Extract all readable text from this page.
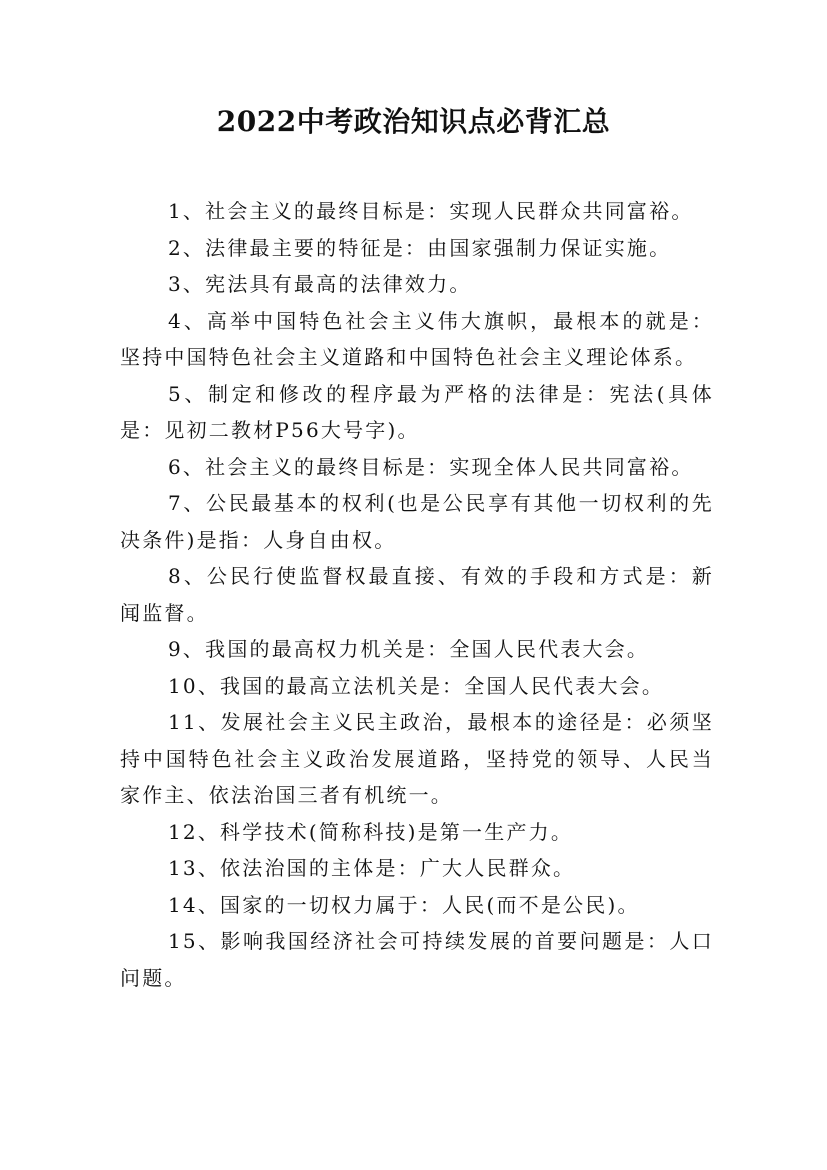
2022中考政治知识点必背汇总

1、社会主义的最终目标是：实现人民群众共同富裕。

2、法律最主要的特征是：由国家强制力保证实施。

3、宪法具有最高的法律效力。

4、高举中国特色社会主义伟大旗帜，最根本的就是：坚持中国特色社会主义道路和中国特色社会主义理论体系。

5、制定和修改的程序最为严格的法律是：宪法(具体是：见初二教材P56大号字)。

6、社会主义的最终目标是：实现全体人民共同富裕。

7、公民最基本的权利(也是公民享有其他一切权利的先决条件)是指：人身自由权。

8、公民行使监督权最直接、有效的手段和方式是：新闻监督。

9、我国的最高权力机关是：全国人民代表大会。

10、我国的最高立法机关是：全国人民代表大会。

11、发展社会主义民主政治，最根本的途径是：必须坚持中国特色社会主义政治发展道路，坚持党的领导、人民当家作主、依法治国三者有机统一。

12、科学技术(简称科技)是第一生产力。

13、依法治国的主体是：广大人民群众。

14、国家的一切权力属于：人民(而不是公民)。

15、影响我国经济社会可持续发展的首要问题是：人口问题。
